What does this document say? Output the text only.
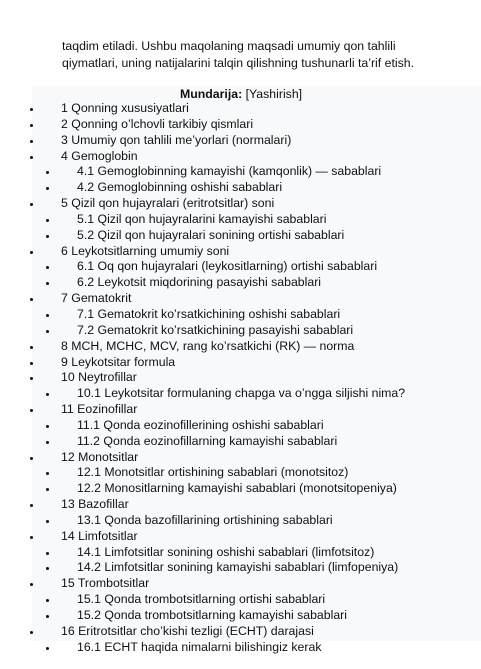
taqdim etiladi. Ushbu maqolaning maqsadi umumiy qon tahlili
qiymatlari, uning natijalarini talqin qilishning tushunarli ta’rif etish.

Mundarija: [Yashirish]
1 Qonning xususiyatlari
2 Qonning o’lchovli tarkibiy qismlari
3 Umumiy qon tahlili me’yorlari (normalari)
4 Gemoglobin
4.1 Gemoglobinning kamayishi (kamqonlik) — sabablari
4.2 Gemoglobinning oshishi sabablari
5 Qizil qon hujayralari (eritrotsitlar) soni
5.1 Qizil qon hujayralarini kamayishi sabablari
5.2 Qizil qon hujayralari sonining ortishi sabablari
6 Leykotsitlarning umumiy soni
6.1 Oq qon hujayralari (leykositlarning) ortishi sabablari
6.2 Leykotsit miqdorining pasayishi sabablari
7 Gematokrit
7.1 Gematokrit ko’rsatkichining oshishi sabablari
7.2 Gematokrit ko’rsatkichining pasayishi sabablari
8 MCH, MCHC, MCV, rang ko’rsatkichi (RK) — norma
9 Leykotsitar formula
10 Neytrofillar
10.1 Leykotsitar formulaning chapga va o’ngga siljishi nima?
11 Eozinofillar
11.1 Qonda eozinofillerining oshishi sabablari
11.2 Qonda eozinofillarning kamayishi sabablari
12 Monotsitlar
12.1 Monotsitlar ortishining sabablari (monotsitoz)
12.2 Monositlarning kamayishi sabablari (monotsitopeniya)
13 Bazofillar
13.1 Qonda bazofillarining ortishining sabablari
14 Limfotsitlar
14.1 Limfotsitlar sonining oshishi sabablari (limfotsitoz)
14.2 Limfotsitlar sonining kamayishi sabablari (limfopeniya)
15 Trombotsitlar
15.1 Qonda trombotsitlarning ortishi sabablari
15.2 Qonda trombotsitlarning kamayishi sabablari
16 Eritrotsitlar cho’kishi tezligi (ECHT) darajasi
16.1 ECHT haqida nimalarni bilishingiz kerak
